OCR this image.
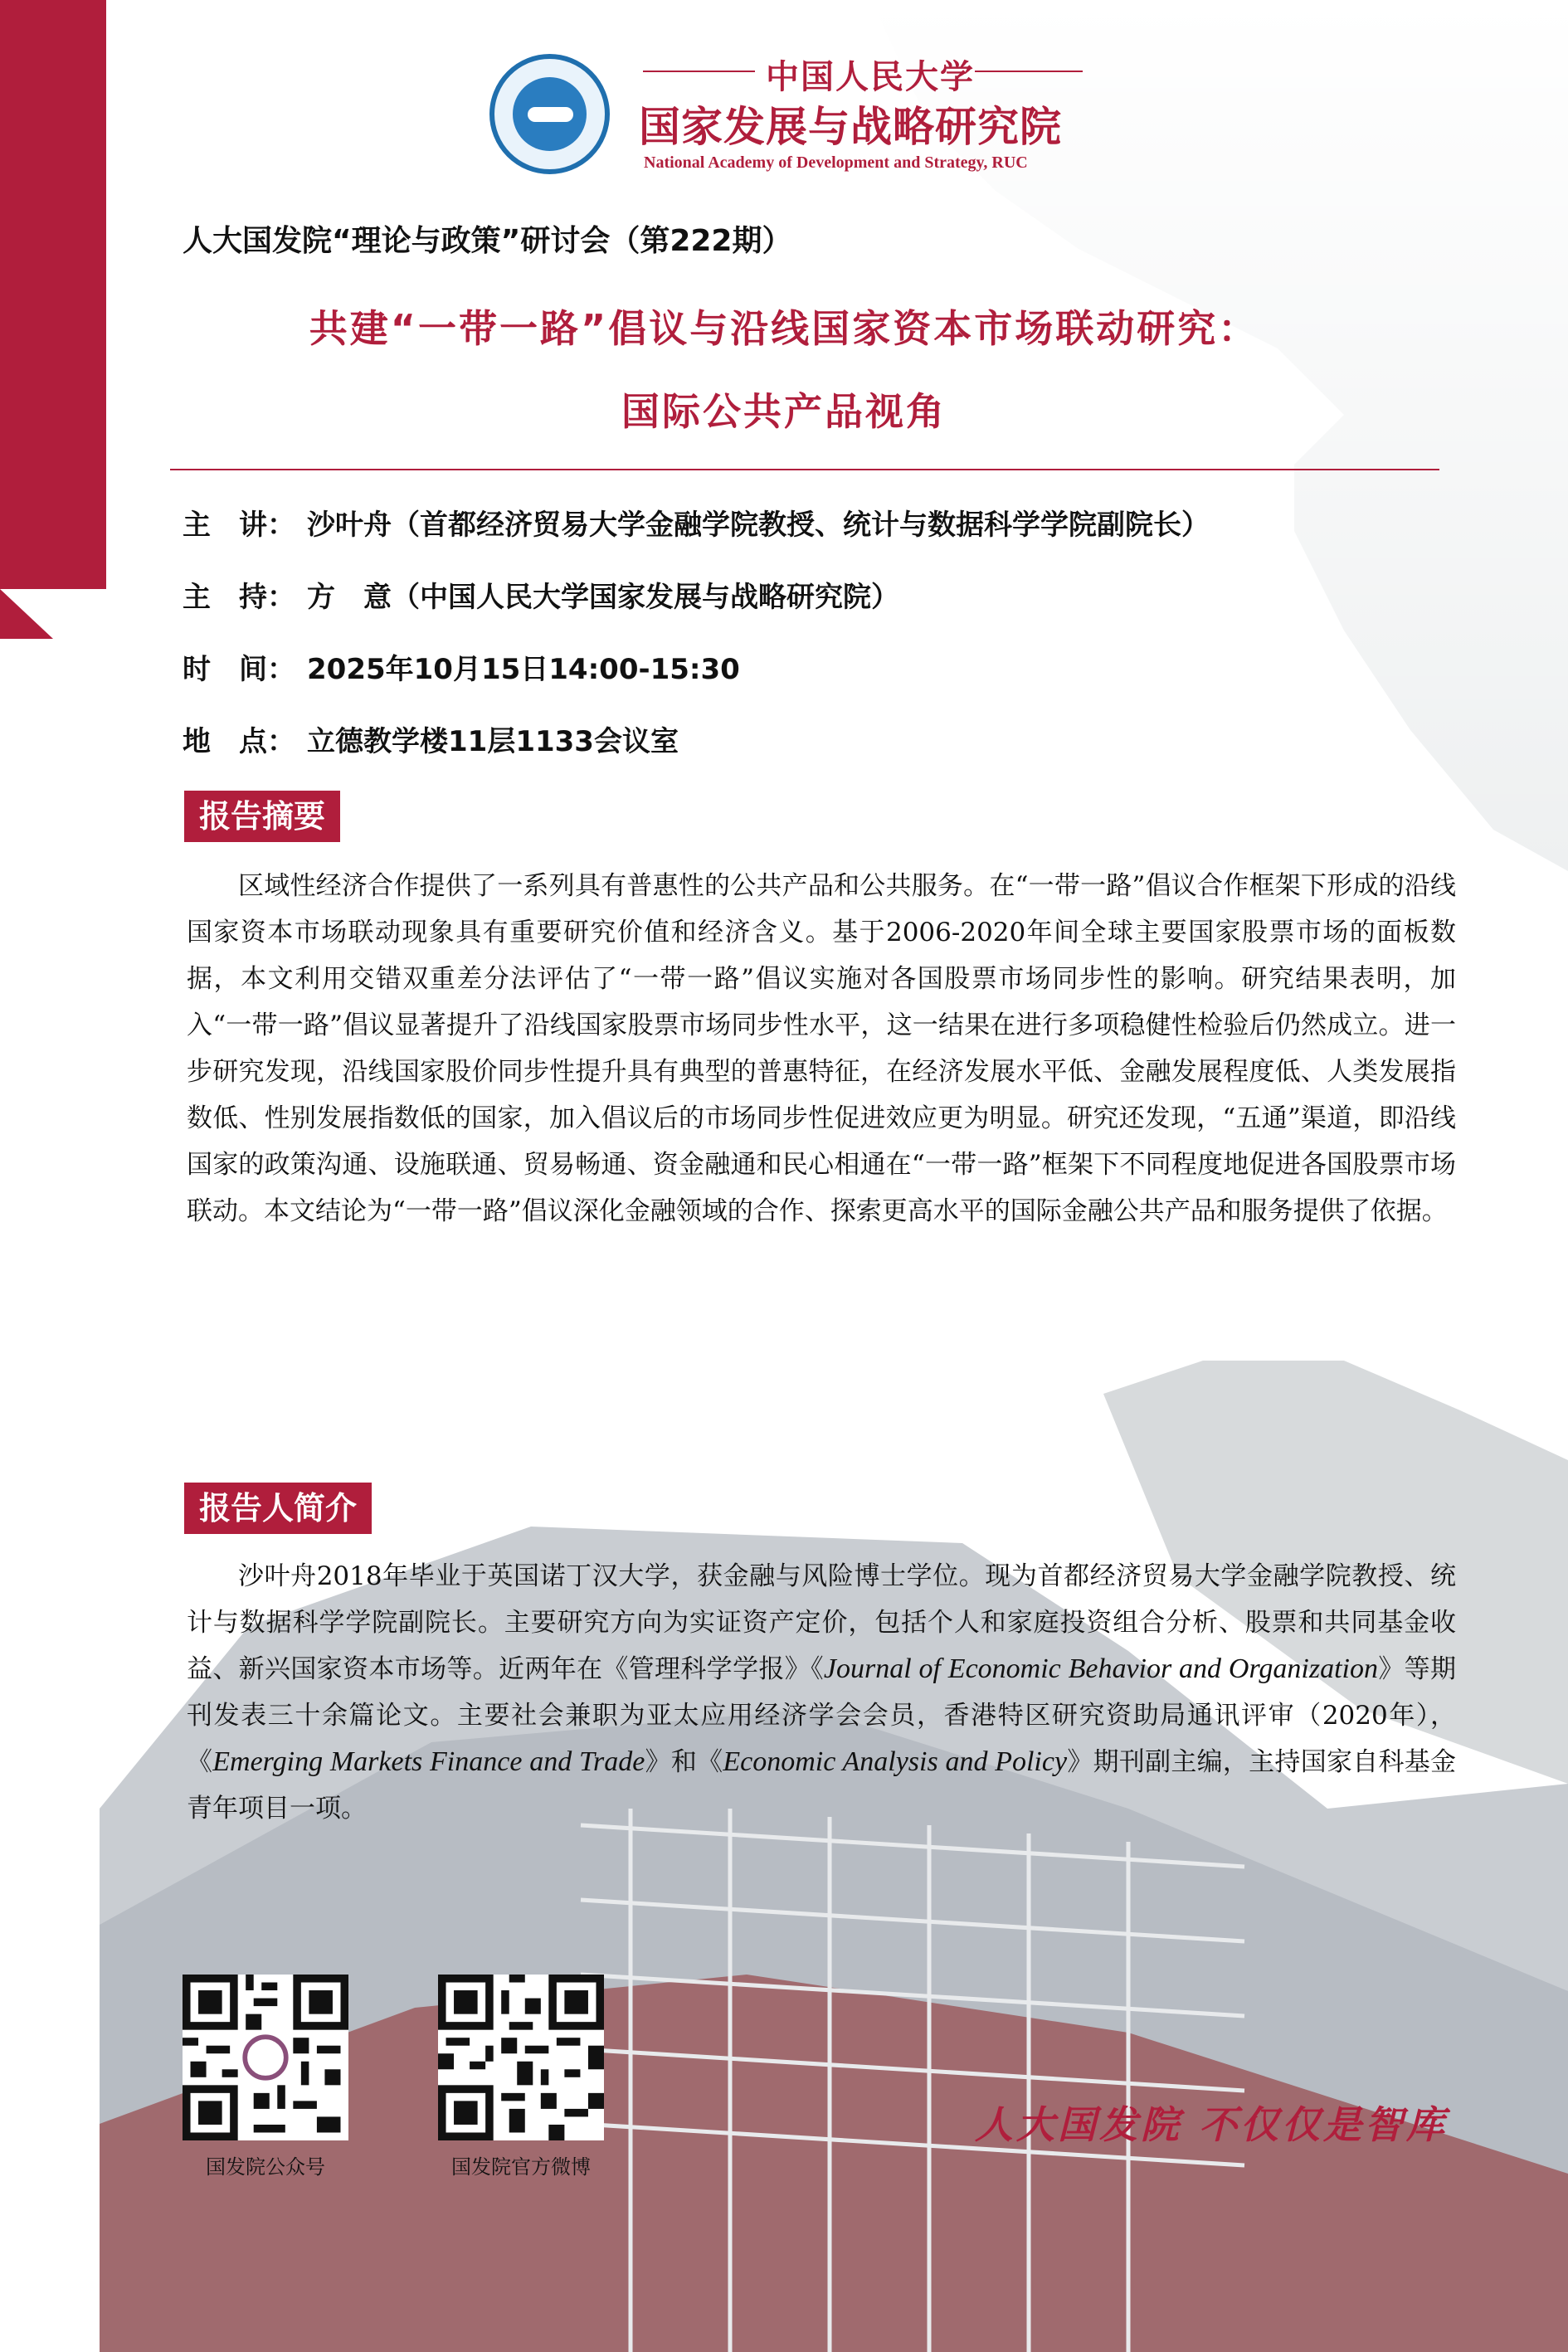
中国人民大学
国家发展与战略研究院
National Academy of Development and Strategy, RUC
人大国发院“理论与政策”研讨会（第222期）
共建“一带一路”倡议与沿线国家资本市场联动研究：
国际公共产品视角
主　讲： 沙叶舟（首都经济贸易大学金融学院教授、统计与数据科学学院副院长）
主　持： 方　意（中国人民大学国家发展与战略研究院）
时　间： 2025年10月15日14:00-15:30
地　点： 立德教学楼11层1133会议室
报告摘要

区域性经济合作提供了一系列具有普惠性的公共产品和公共服务。在“一带一路”倡议合作框架下形成的沿线国家资本市场联动现象具有重要研究价值和经济含义。基于2006-2020年间全球主要国家股票市场的面板数据，本文利用交错双重差分法评估了“一带一路”倡议实施对各国股票市场同步性的影响。研究结果表明，加入“一带一路”倡议显著提升了沿线国家股票市场同步性水平，这一结果在进行多项稳健性检验后仍然成立。进一步研究发现，沿线国家股价同步性提升具有典型的普惠特征，在经济发展水平低、金融发展程度低、人类发展指数低、性别发展指数低的国家，加入倡议后的市场同步性促进效应更为明显。研究还发现，“五通”渠道，即沿线国家的政策沟通、设施联通、贸易畅通、资金融通和民心相通在“一带一路”框架下不同程度地促进各国股票市场联动。本文结论为“一带一路”倡议深化金融领域的合作、探索更高水平的国际金融公共产品和服务提供了依据。

报告人简介

沙叶舟2018年毕业于英国诺丁汉大学，获金融与风险博士学位。现为首都经济贸易大学金融学院教授、统计与数据科学学院副院长。主要研究方向为实证资产定价，包括个人和家庭投资组合分析、股票和共同基金收益、新兴国家资本市场等。近两年在《管理科学学报》《Journal of Economic Behavior and Organization》等期刊发表三十余篇论文。主要社会兼职为亚太应用经济学会会员，香港特区研究资助局通讯评审（2020年），《Emerging Markets Finance and Trade》和《Economic Analysis and Policy》期刊副主编，主持国家自科基金青年项目一项。

国发院公众号	国发院官方微博
人大国发院 不仅仅是智库
